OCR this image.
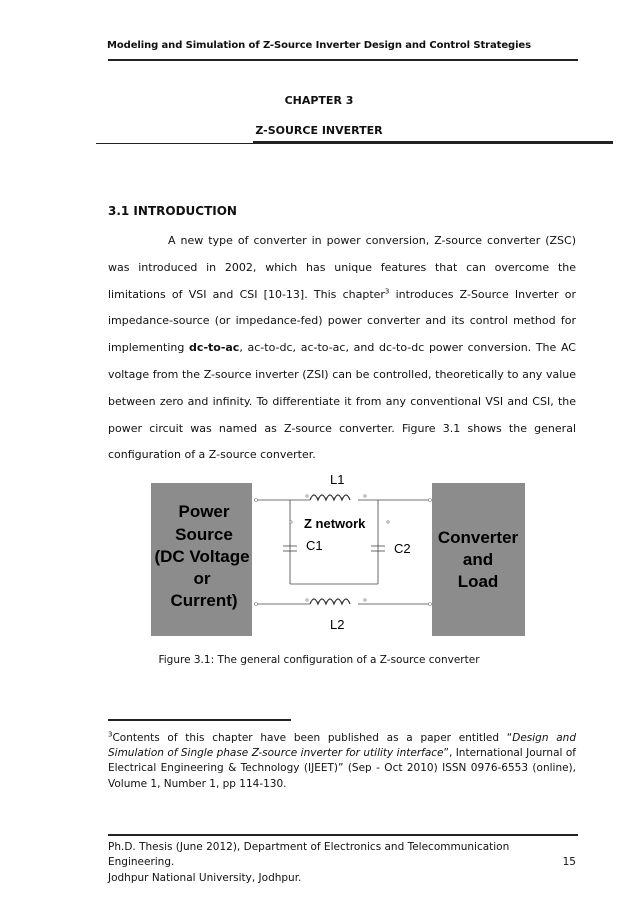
Modeling and Simulation of Z-Source Inverter Design and Control Strategies
CHAPTER 3
Z-SOURCE INVERTER
3.1 INTRODUCTION
A new type of converter in power conversion, Z-source converter (ZSC) was introduced in 2002, which has unique features that can overcome the limitations of VSI and CSI [10-13]. This chapter$^3$ introduces Z-Source Inverter or impedance-source (or impedance-fed) power converter and its control method for implementing dc-to-ac, ac-to-dc, ac-to-ac, and dc-to-dc power conversion. The AC voltage from the Z-source inverter (ZSI) can be controlled, theoretically to any value between zero and infinity. To differentiate it from any conventional VSI and CSI, the power circuit was named as Z-source converter. Figure 3.1 shows the general configuration of a Z-source converter.
Power
Source
(DC Voltage
or
Current)
Converter
and
Load
L1
L2
C1	C2
Z network
Figure 3.1: The general configuration of a Z-source converter
$^3$Contents of this chapter have been published as a paper entitled “Design and Simulation of Single phase Z-source inverter for utility interface”, International Journal of Electrical Engineering & Technology (IJEET)” (Sep - Oct 2010) ISSN 0976-6553 (online), Volume 1, Number 1, pp 114-130.
Ph.D. Thesis (June 2012), Department of Electronics and Telecommunication Engineering.	15
Jodhpur National University, Jodhpur.
